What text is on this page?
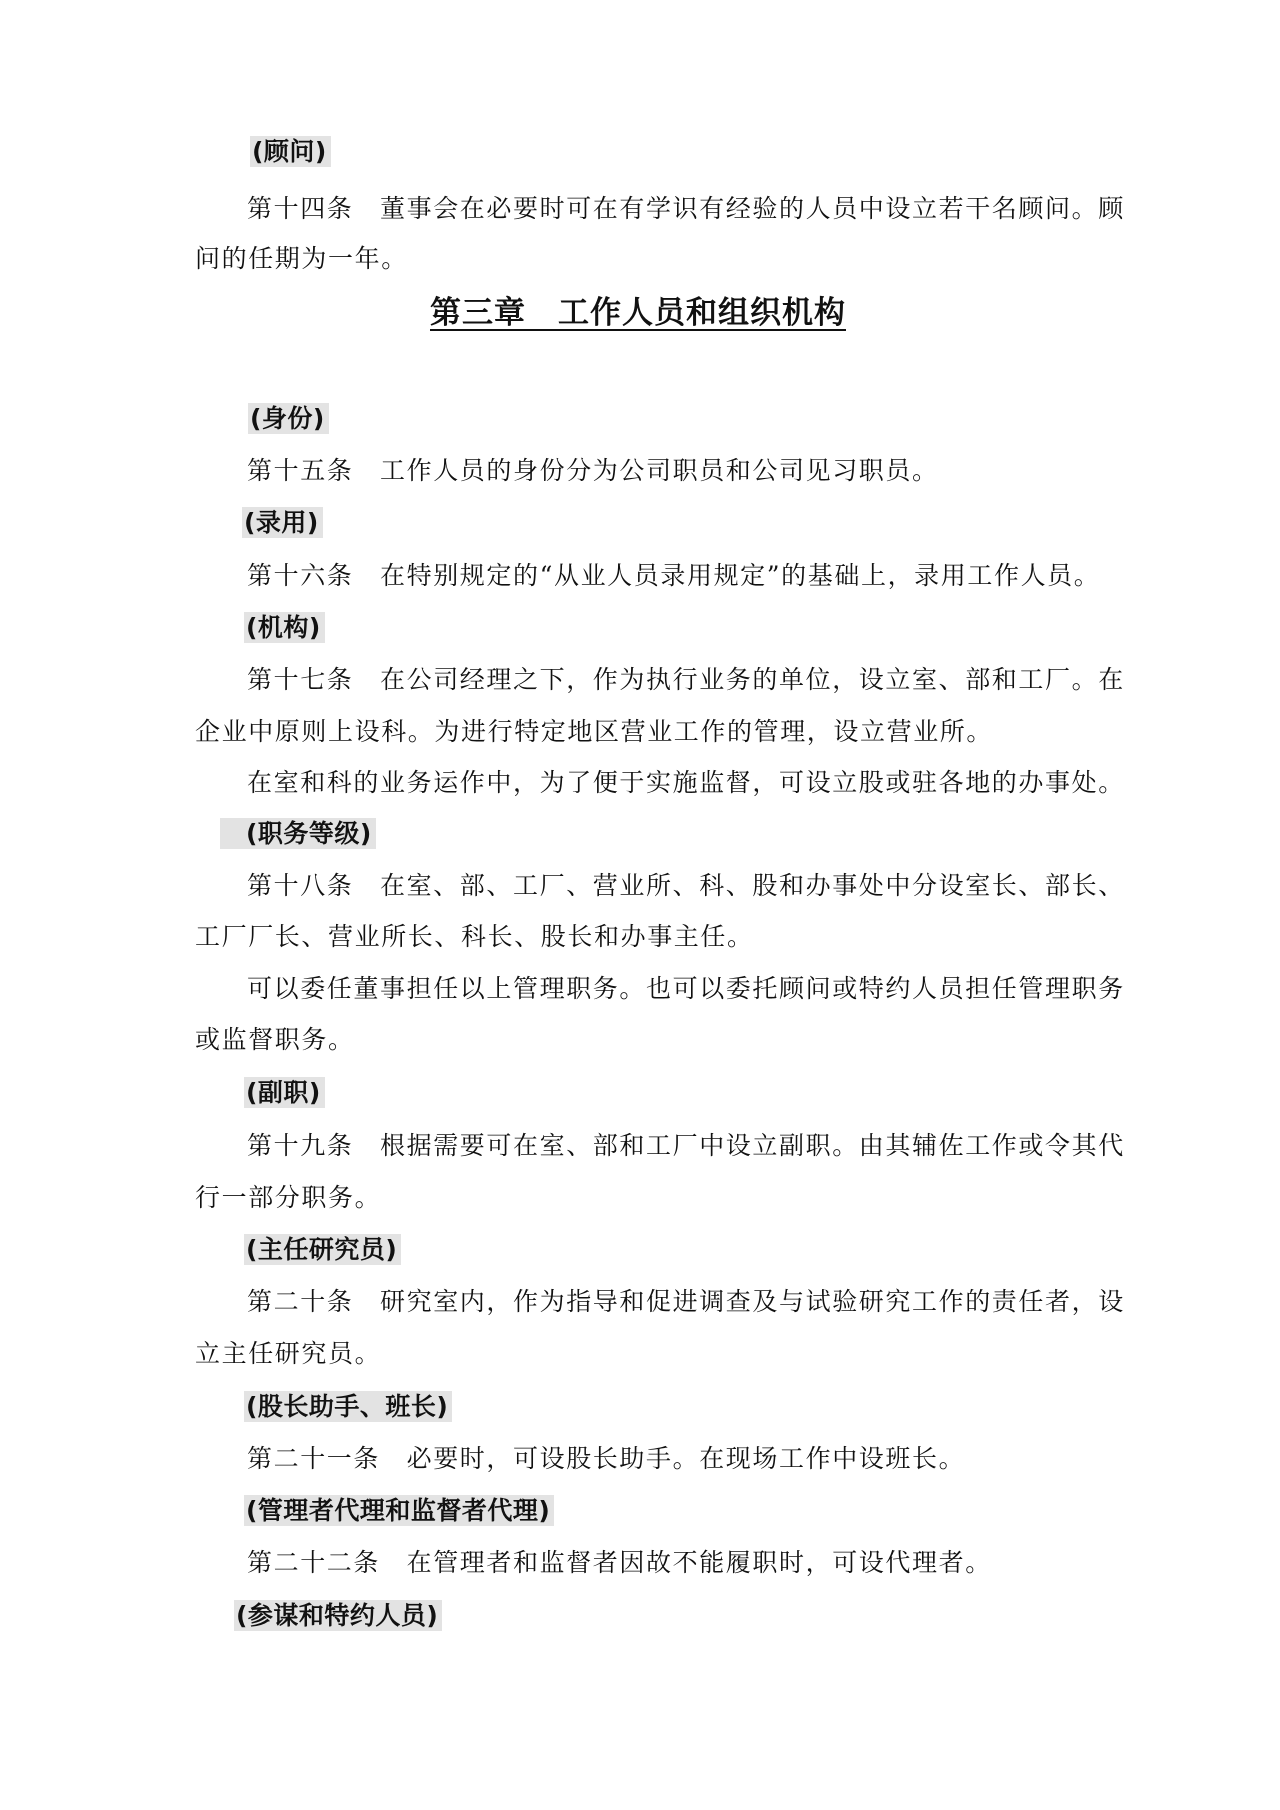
(顾问)
第十四条　董事会在必要时可在有学识有经验的人员中设立若干名顾问。顾
问的任期为一年。
第三章　工作人员和组织机构
(身份)
第十五条　工作人员的身份分为公司职员和公司见习职员。
(录用)
第十六条　在特别规定的“从业人员录用规定”的基础上，录用工作人员。
(机构)
第十七条　在公司经理之下，作为执行业务的单位，设立室、部和工厂。在
企业中原则上设科。为进行特定地区营业工作的管理，设立营业所。
在室和科的业务运作中，为了便于实施监督，可设立股或驻各地的办事处。
(职务等级)
第十八条　在室、部、工厂、营业所、科、股和办事处中分设室长、部长、
工厂厂长、营业所长、科长、股长和办事主任。
可以委任董事担任以上管理职务。也可以委托顾问或特约人员担任管理职务
或监督职务。
(副职)
第十九条　根据需要可在室、部和工厂中设立副职。由其辅佐工作或令其代
行一部分职务。
(主任研究员)
第二十条　研究室内，作为指导和促进调查及与试验研究工作的责任者，设
立主任研究员。
(股长助手、班长)
第二十一条　必要时，可设股长助手。在现场工作中设班长。
(管理者代理和监督者代理)
第二十二条　在管理者和监督者因故不能履职时，可设代理者。
(参谋和特约人员)
